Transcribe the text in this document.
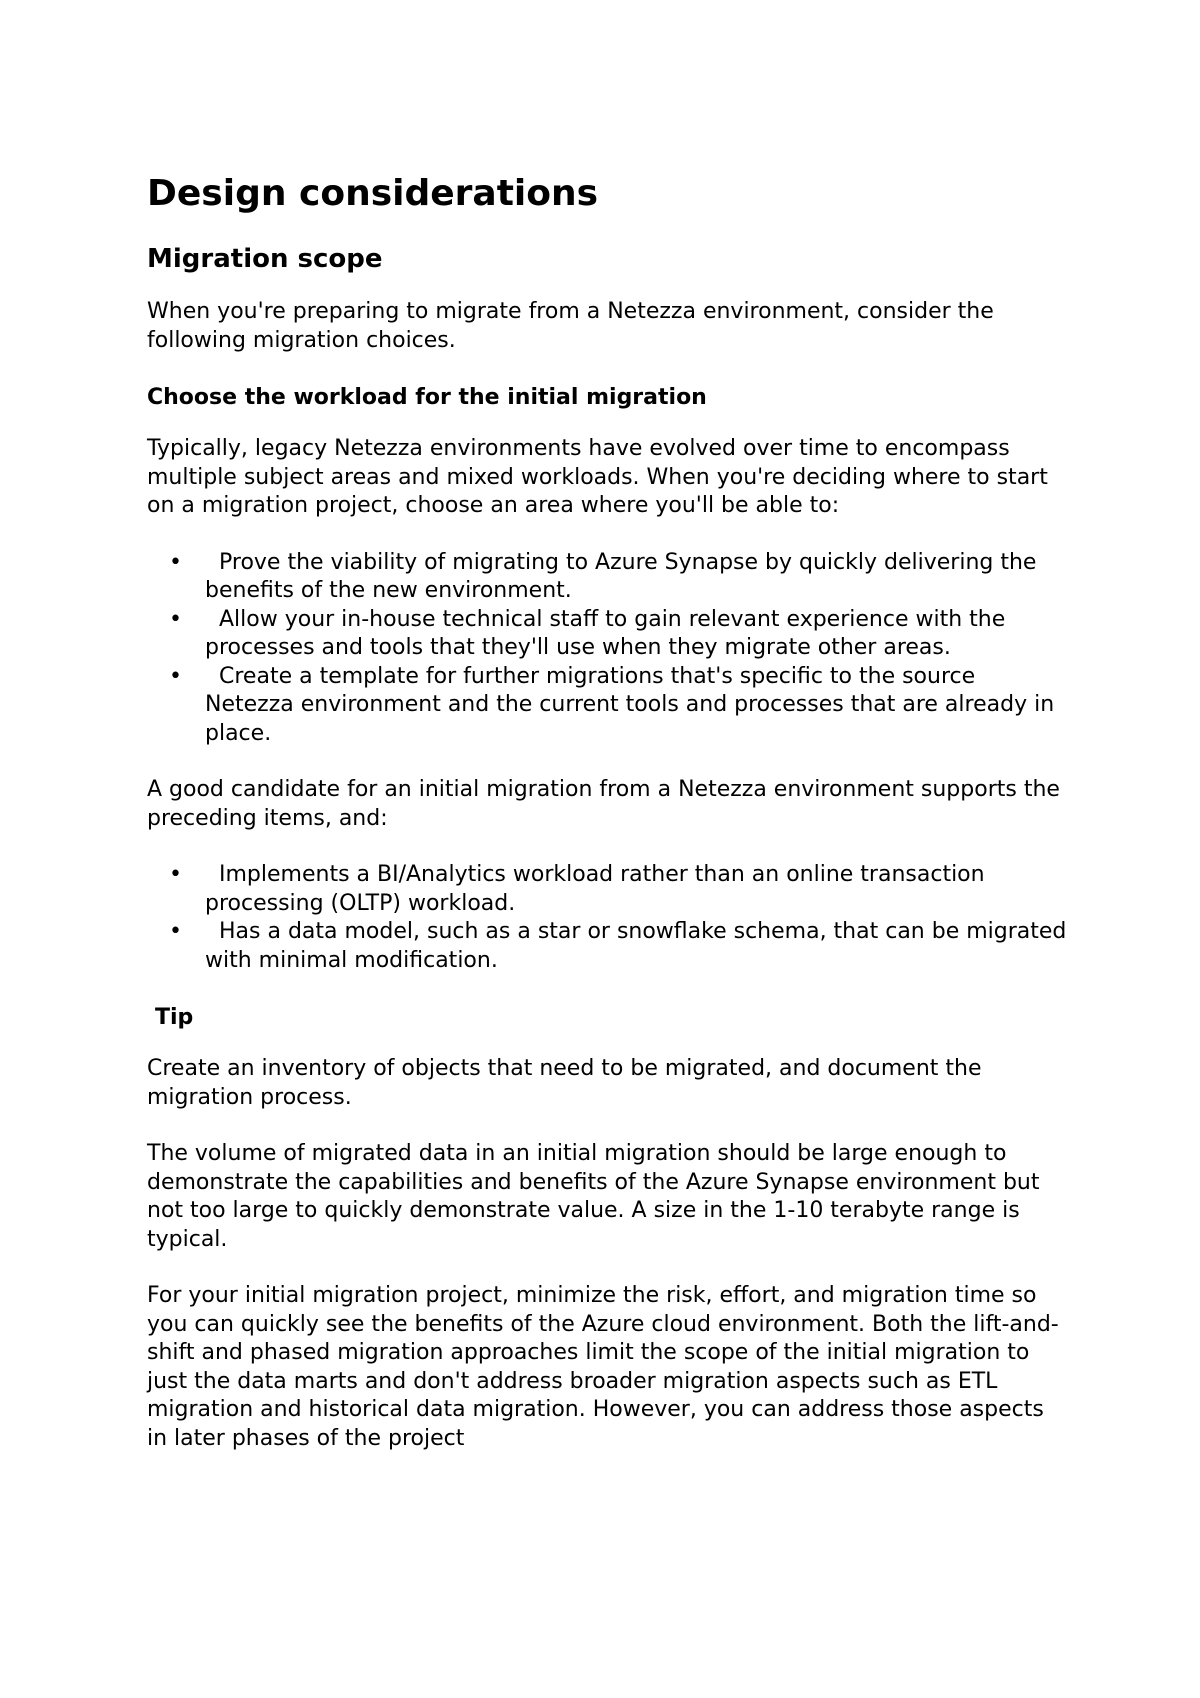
Design considerations
Migration scope

When you're preparing to migrate from a Netezza environment, consider the following migration choices.

Choose the workload for the initial migration

Typically, legacy Netezza environments have evolved over time to encompass multiple subject areas and mixed workloads. When you're deciding where to start on a migration project, choose an area where you'll be able to:

• Prove the viability of migrating to Azure Synapse by quickly delivering the benefits of the new environment.
• Allow your in-house technical staff to gain relevant experience with the processes and tools that they'll use when they migrate other areas.
• Create a template for further migrations that's specific to the source Netezza environment and the current tools and processes that are already in place.

A good candidate for an initial migration from a Netezza environment supports the preceding items, and:

• Implements a BI/Analytics workload rather than an online transaction processing (OLTP) workload.
• Has a data model, such as a star or snowflake schema, that can be migrated with minimal modification.
Tip

Create an inventory of objects that need to be migrated, and document the migration process.

The volume of migrated data in an initial migration should be large enough to demonstrate the capabilities and benefits of the Azure Synapse environment but not too large to quickly demonstrate value. A size in the 1-10 terabyte range is typical.

For your initial migration project, minimize the risk, effort, and migration time so you can quickly see the benefits of the Azure cloud environment. Both the lift-and-shift and phased migration approaches limit the scope of the initial migration to just the data marts and don't address broader migration aspects such as ETL migration and historical data migration. However, you can address those aspects in later phases of the project
